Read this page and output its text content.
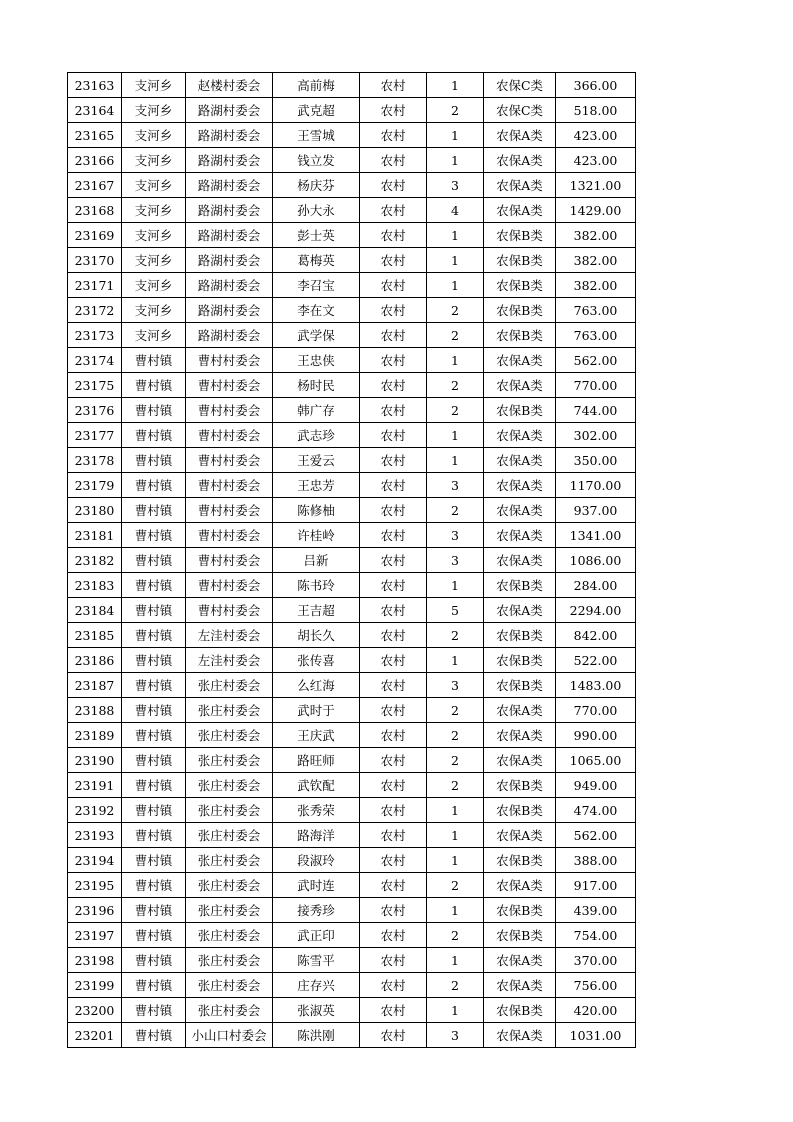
23163	支河乡	赵楼村委会	高前梅	农村	1	农保C类	366.00
23164	支河乡	路湖村委会	武克超	农村	2	农保C类	518.00
23165	支河乡	路湖村委会	王雪城	农村	1	农保A类	423.00
23166	支河乡	路湖村委会	钱立发	农村	1	农保A类	423.00
23167	支河乡	路湖村委会	杨庆芬	农村	3	农保A类	1321.00
23168	支河乡	路湖村委会	孙大永	农村	4	农保A类	1429.00
23169	支河乡	路湖村委会	彭士英	农村	1	农保B类	382.00
23170	支河乡	路湖村委会	葛梅英	农村	1	农保B类	382.00
23171	支河乡	路湖村委会	李召宝	农村	1	农保B类	382.00
23172	支河乡	路湖村委会	李在文	农村	2	农保B类	763.00
23173	支河乡	路湖村委会	武学保	农村	2	农保B类	763.00
23174	曹村镇	曹村村委会	王忠侠	农村	1	农保A类	562.00
23175	曹村镇	曹村村委会	杨时民	农村	2	农保A类	770.00
23176	曹村镇	曹村村委会	韩广存	农村	2	农保B类	744.00
23177	曹村镇	曹村村委会	武志珍	农村	1	农保A类	302.00
23178	曹村镇	曹村村委会	王爱云	农村	1	农保A类	350.00
23179	曹村镇	曹村村委会	王忠芳	农村	3	农保A类	1170.00
23180	曹村镇	曹村村委会	陈修柚	农村	2	农保A类	937.00
23181	曹村镇	曹村村委会	许桂岭	农村	3	农保A类	1341.00
23182	曹村镇	曹村村委会	吕新	农村	3	农保A类	1086.00
23183	曹村镇	曹村村委会	陈书玲	农村	1	农保B类	284.00
23184	曹村镇	曹村村委会	王吉超	农村	5	农保A类	2294.00
23185	曹村镇	左洼村委会	胡长久	农村	2	农保B类	842.00
23186	曹村镇	左洼村委会	张传喜	农村	1	农保B类	522.00
23187	曹村镇	张庄村委会	么红海	农村	3	农保B类	1483.00
23188	曹村镇	张庄村委会	武时于	农村	2	农保A类	770.00
23189	曹村镇	张庄村委会	王庆武	农村	2	农保A类	990.00
23190	曹村镇	张庄村委会	路旺师	农村	2	农保A类	1065.00
23191	曹村镇	张庄村委会	武钦配	农村	2	农保B类	949.00
23192	曹村镇	张庄村委会	张秀荣	农村	1	农保B类	474.00
23193	曹村镇	张庄村委会	路海洋	农村	1	农保A类	562.00
23194	曹村镇	张庄村委会	段淑玲	农村	1	农保B类	388.00
23195	曹村镇	张庄村委会	武时连	农村	2	农保A类	917.00
23196	曹村镇	张庄村委会	接秀珍	农村	1	农保B类	439.00
23197	曹村镇	张庄村委会	武正印	农村	2	农保B类	754.00
23198	曹村镇	张庄村委会	陈雪平	农村	1	农保A类	370.00
23199	曹村镇	张庄村委会	庄存兴	农村	2	农保A类	756.00
23200	曹村镇	张庄村委会	张淑英	农村	1	农保B类	420.00
23201	曹村镇	小山口村委会	陈洪刚	农村	3	农保A类	1031.00
